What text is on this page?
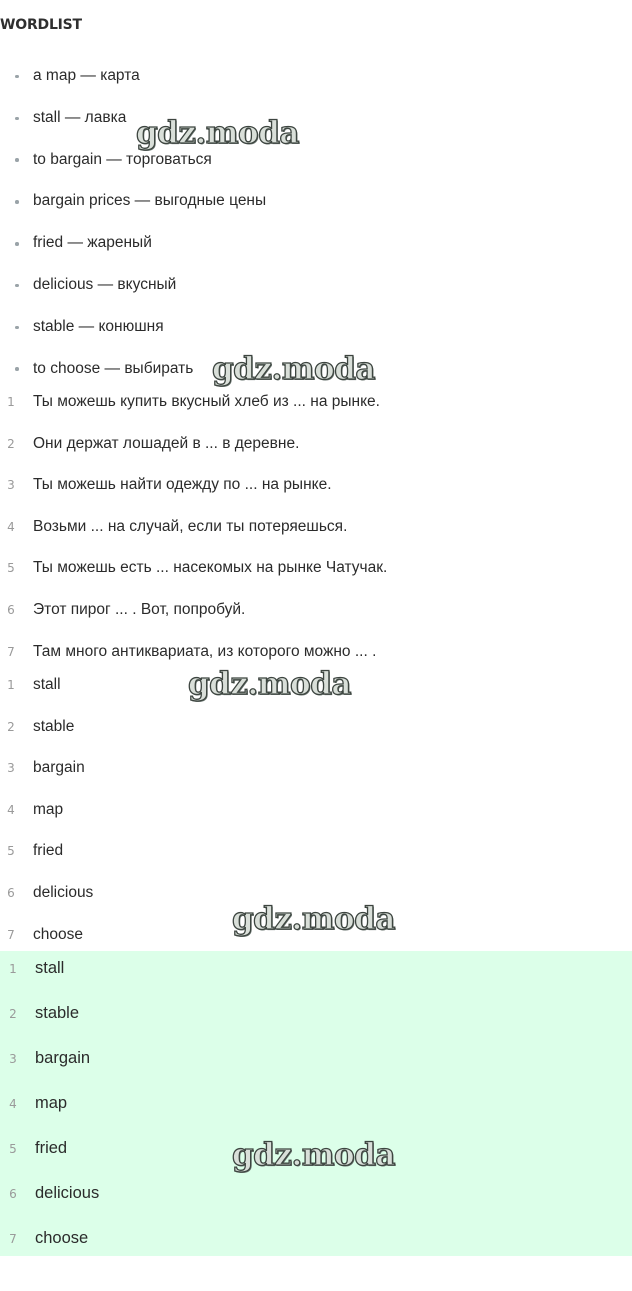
WORDLIST
a map — карта
stall — лавка
to bargain — торговаться
bargain prices — выгодные цены
fried — жареный
delicious — вкусный
stable — конюшня
to choose — выбирать
1	Ты можешь купить вкусный хлеб из ... на рынке.
2	Они держат лошадей в ... в деревне.
3	Ты можешь найти одежду по ... на рынке.
4	Возьми ... на случай, если ты потеряешься.
5	Ты можешь есть ... насекомых на рынке Чатучак.
6	Этот пирог ... . Вот, попробуй.
7	Там много антиквариата, из которого можно ... .
1	stall
2	stable
3	bargain
4	map
5	fried
6	delicious
7	choose
1	stall
2	stable
3	bargain
4	map
5	fried
6	delicious
7	choose
gdz.moda
gdz.moda
gdz.moda
gdz.moda
gdz.moda
